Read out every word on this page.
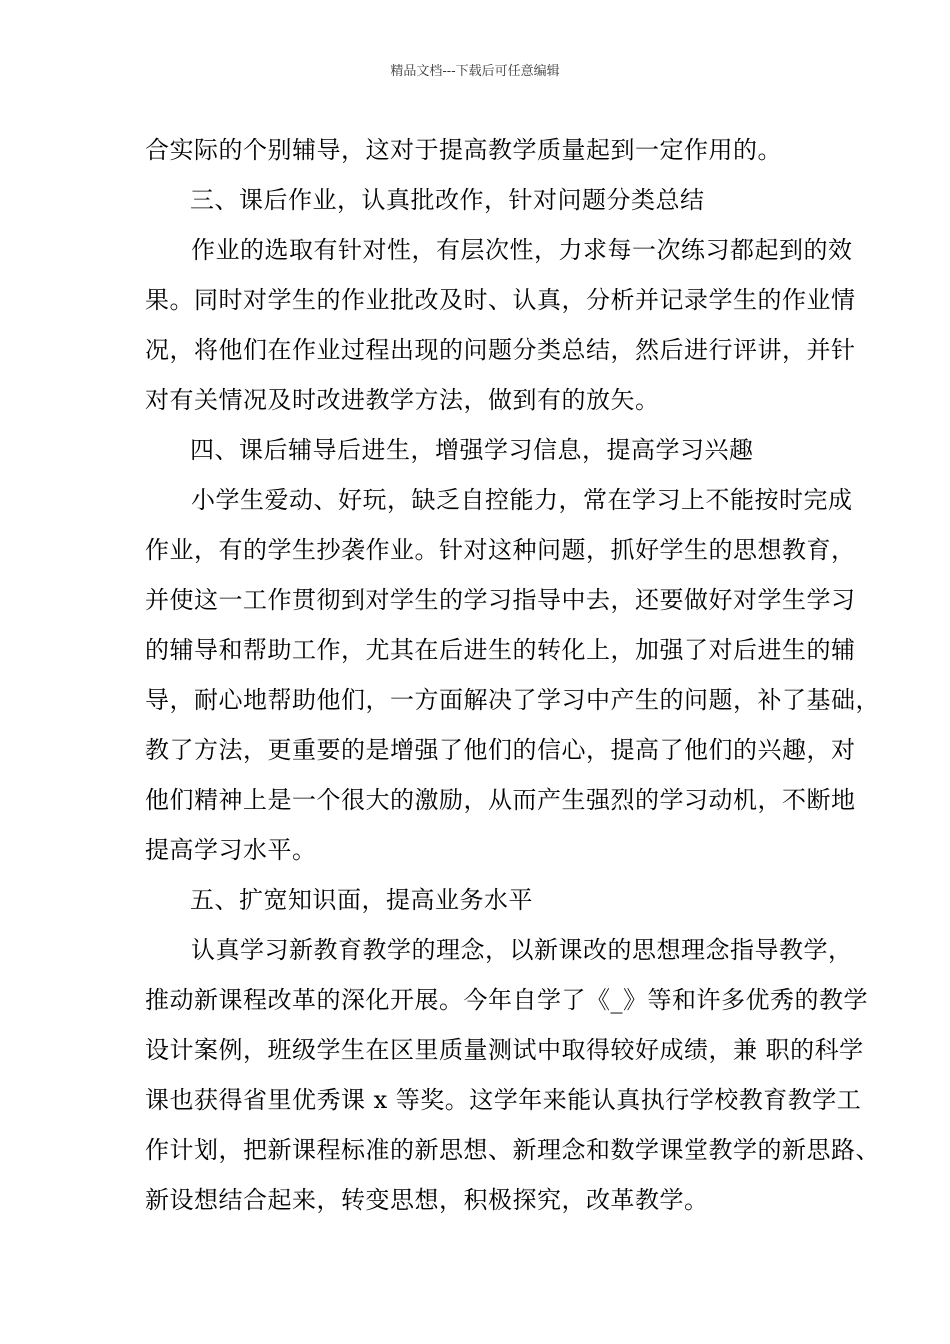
精品文档---下载后可任意编辑
合实际的个别辅导，这对于提高教学质量起到一定作用的。
三、课后作业，认真批改作，针对问题分类总结
作业的选取有针对性，有层次性，力求每一次练习都起到的效
果。同时对学生的作业批改及时、认真，分析并记录学生的作业情
况，将他们在作业过程出现的问题分类总结，然后进行评讲，并针
对有关情况及时改进教学方法，做到有的放矢。
四、课后辅导后进生，增强学习信息，提高学习兴趣
小学生爱动、好玩，缺乏自控能力，常在学习上不能按时完成
作业，有的学生抄袭作业。针对这种问题，抓好学生的思想教育，
并使这一工作贯彻到对学生的学习指导中去，还要做好对学生学习
的辅导和帮助工作，尤其在后进生的转化上，加强了对后进生的辅
导，耐心地帮助他们，一方面解决了学习中产生的问题，补了基础，
教了方法，更重要的是增强了他们的信心，提高了他们的兴趣，对
他们精神上是一个很大的激励，从而产生强烈的学习动机，不断地
提高学习水平。
五、扩宽知识面，提高业务水平
认真学习新教育教学的理念，以新课改的思想理念指导教学，
推动新课程改革的深化开展。今年自学了《_》等和许多优秀的教学
设计案例，班级学生在区里质量测试中取得较好成绩，兼 职的科学
课也获得省里优秀课 x 等奖。这学年来能认真执行学校教育教学工
作计划，把新课程标准的新思想、新理念和数学课堂教学的新思路、
新设想结合起来，转变思想，积极探究，改革教学。
